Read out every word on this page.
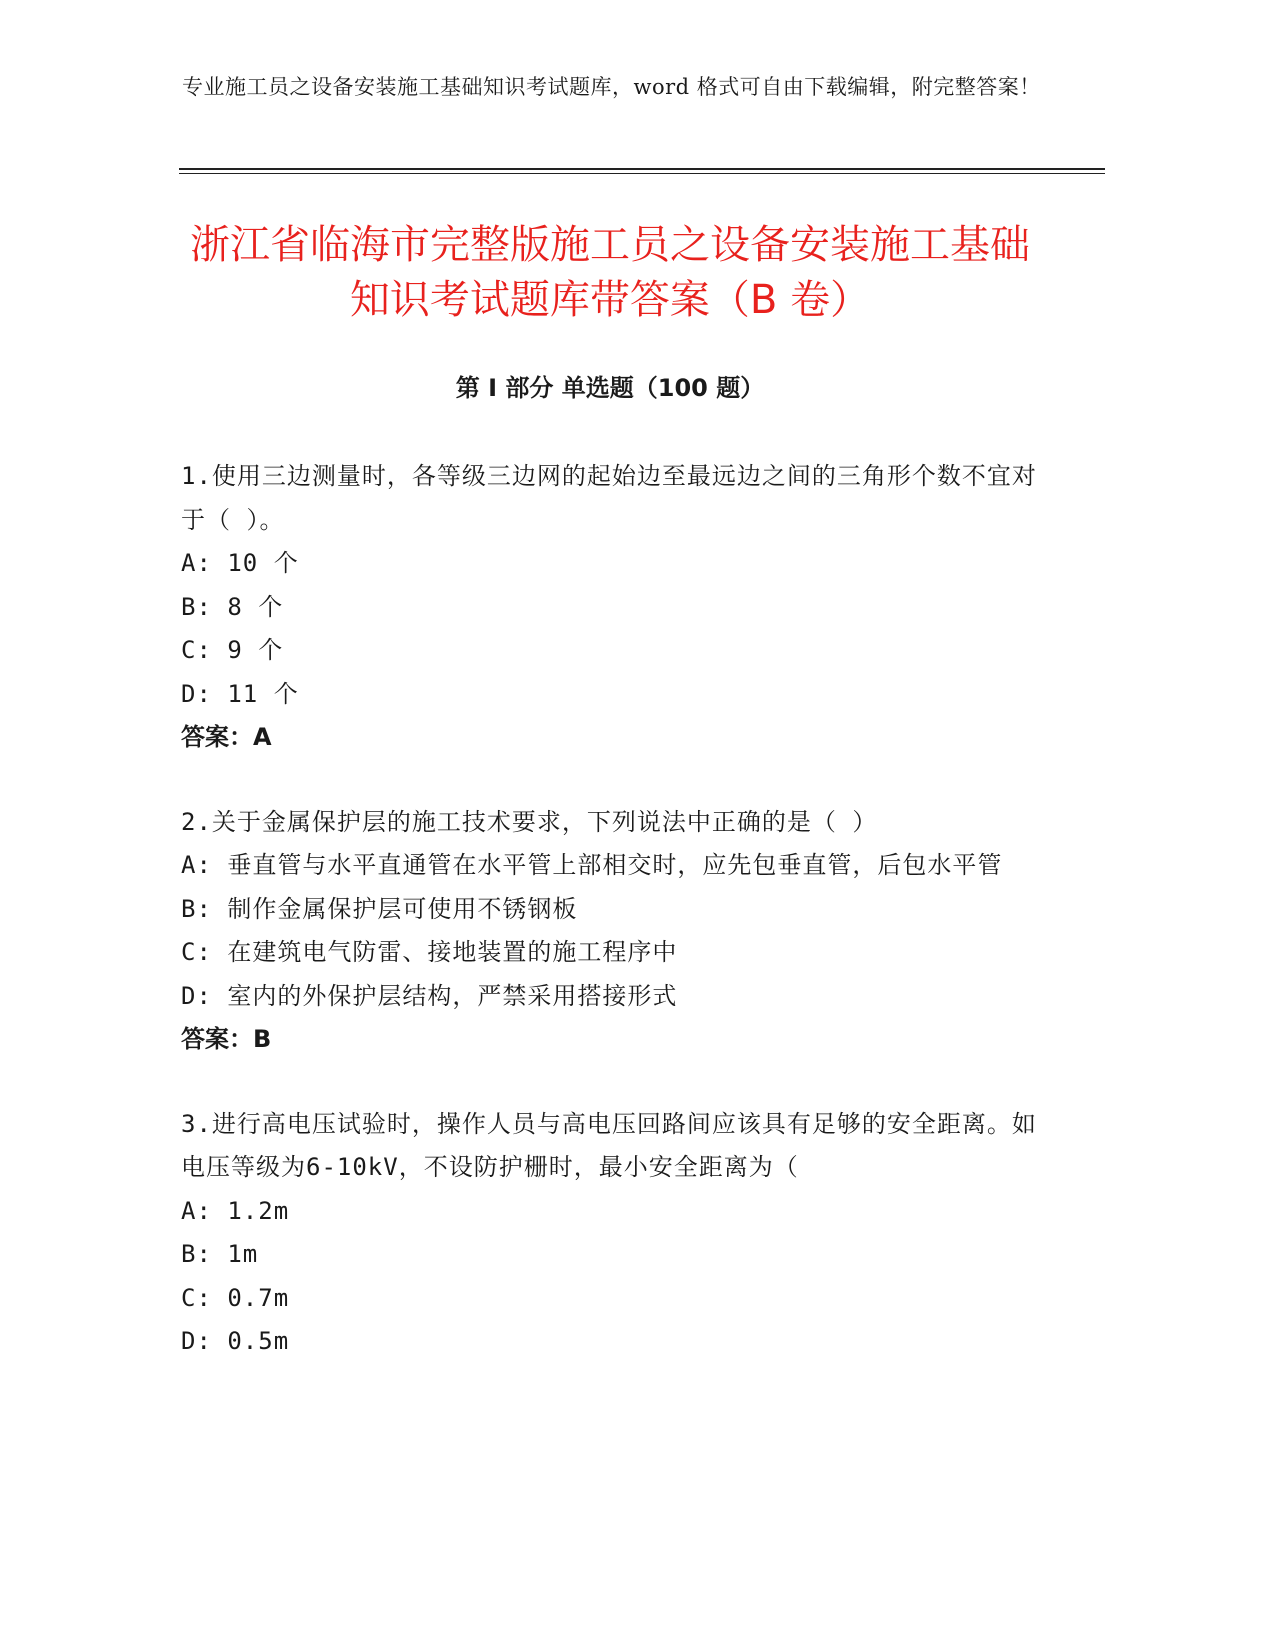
专业施工员之设备安装施工基础知识考试题库，word 格式可自由下载编辑，附完整答案！
浙江省临海市完整版施工员之设备安装施工基础知识考试题库带答案（B 卷）
第 I 部分 单选题（100 题）
1.使用三边测量时，各等级三边网的起始边至最远边之间的三角形个数不宜对于（ ）。
A: 10 个
B: 8 个
C: 9 个
D: 11 个
答案：A
2.关于金属保护层的施工技术要求，下列说法中正确的是（ ）
A: 垂直管与水平直通管在水平管上部相交时，应先包垂直管，后包水平管
B: 制作金属保护层可使用不锈钢板
C: 在建筑电气防雷、接地装置的施工程序中
D: 室内的外保护层结构，严禁采用搭接形式
答案：B
3.进行高电压试验时，操作人员与高电压回路间应该具有足够的安全距离。如电压等级为6-10kV，不设防护栅时，最小安全距离为（
A: 1.2m
B: 1m
C: 0.7m
D: 0.5m
